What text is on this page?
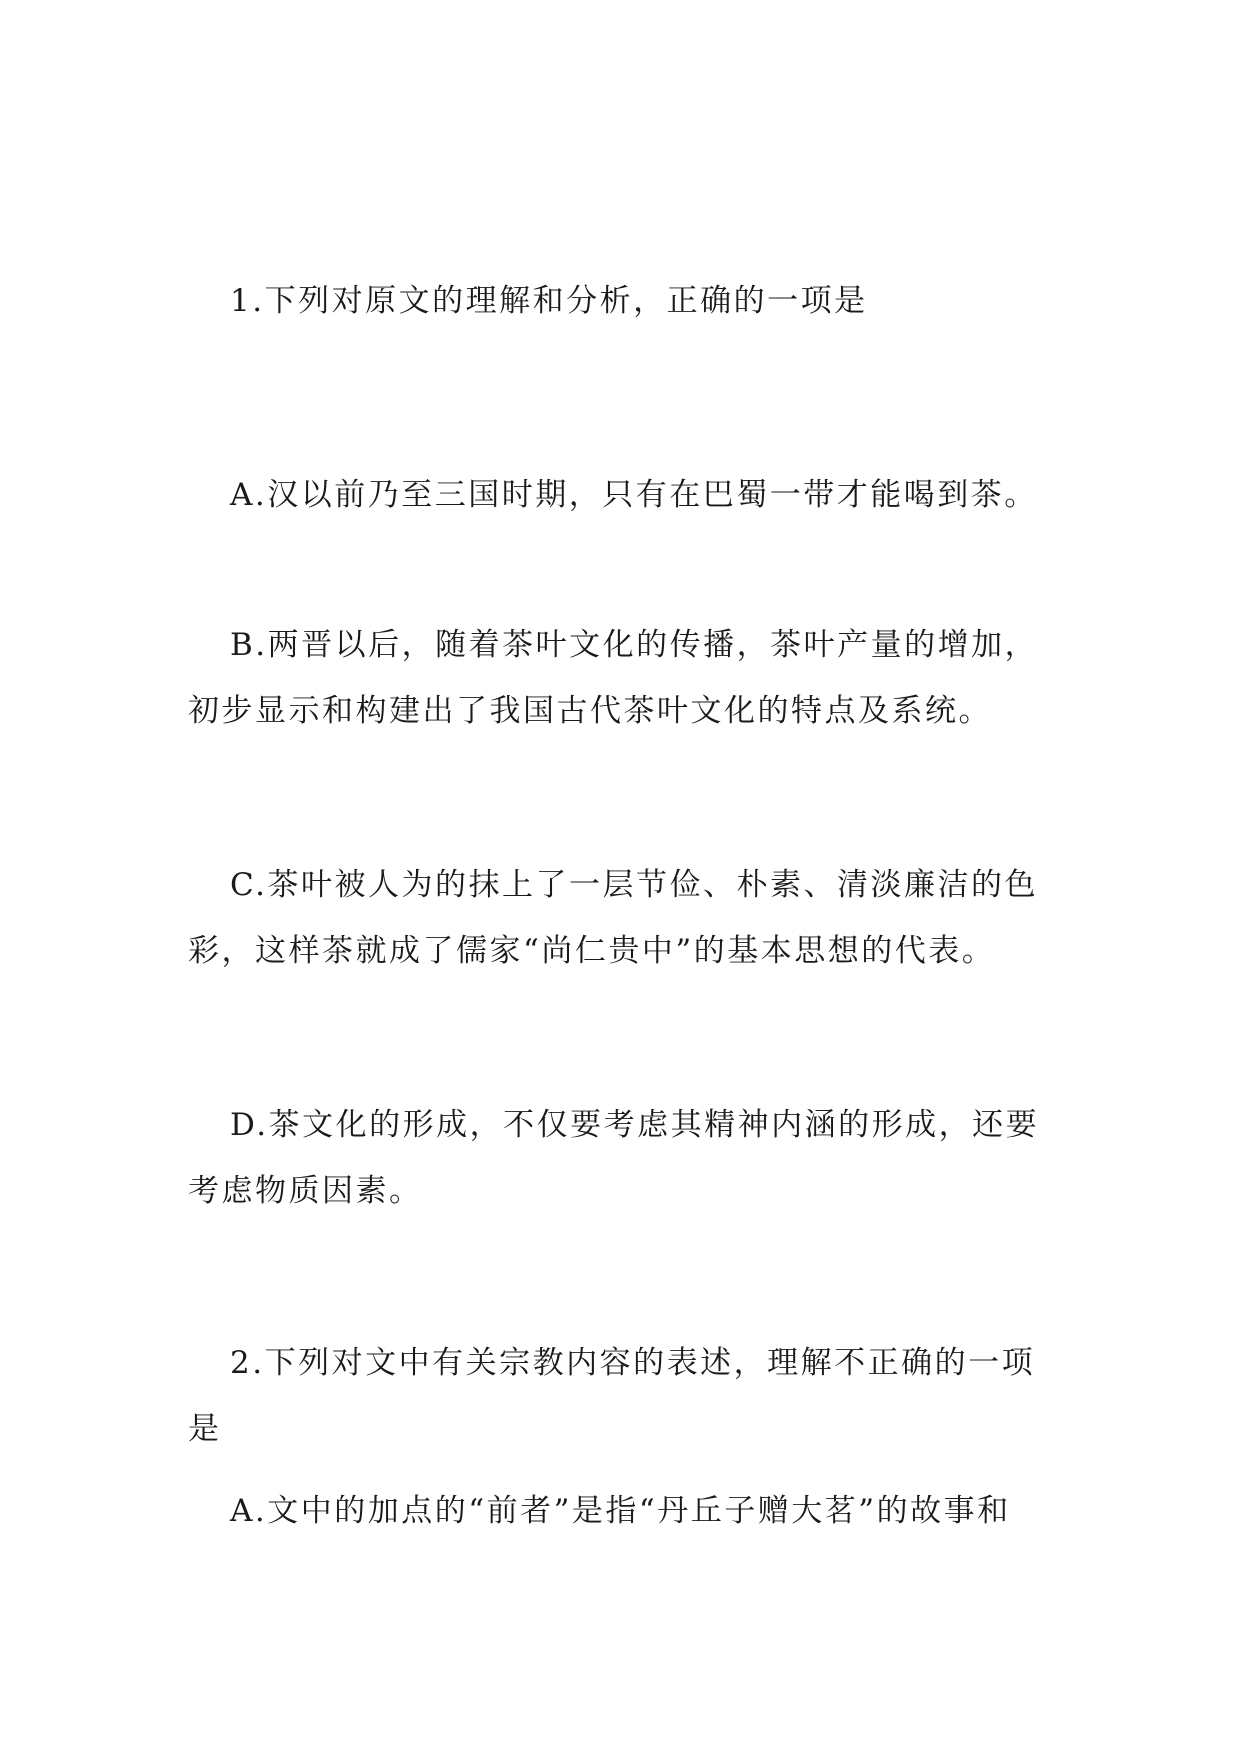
1.下列对原文的理解和分析，正确的一项是

A.汉以前乃至三国时期，只有在巴蜀一带才能喝到茶。

B.两晋以后，随着茶叶文化的传播，茶叶产量的增加，初步显示和构建出了我国古代茶叶文化的特点及系统。

C.茶叶被人为的抹上了一层节俭、朴素、清淡廉洁的色彩，这样茶就成了儒家“尚仁贵中”的基本思想的代表。

D.茶文化的形成，不仅要考虑其精神内涵的形成，还要考虑物质因素。

2.下列对文中有关宗教内容的表述，理解不正确的一项是

A.文中的加点的“前者”是指“丹丘子赠大茗”的故事和
